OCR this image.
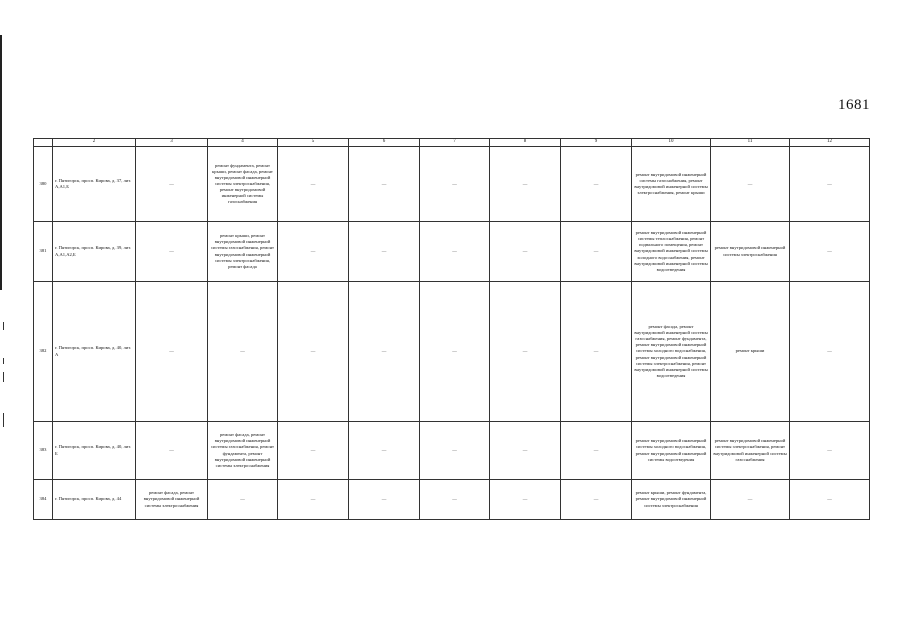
1681
	2	3	4	5	6	7	8	9	10	11	12
380	г. Пятигорск, просп. Кирова, д. 37, лит. А,А1,Б	—	ремонт фундамента, ремонт крыши, ремонт фасада, ремонт внутридомовой инженерной системы электроснабжения, ремонт внутридомовой инженерной системы газоснабжения	—	—	—	—	—	ремонт внутридомовой инженерной системы газоснабжения, ремонт внутридомовой инженерной системы электроснабжения, ремонт крыши	—	—
381	г. Пятигорск, просп. Кирова, д. 39, лит. А,А1,А2,Б	—	ремонт крыши, ремонт внутридомовой инженерной системы газоснабжения, ремонт внутридомовой инженерной системы электроснабжения, ремонт фасада	—	—	—	—	—	ремонт внутридомовой инженерной системы теплоснабжения, ремонт подвального помещения, ремонт внутридомовой инженерной системы холодного водоснабжения, ремонт внутридомовой инженерной системы водоотведения	ремонт внутридомовой инженерной системы электроснабжения	—
382	г. Пятигорск, просп. Кирова, д. 40, лит. А	—	—	—	—	—	—	—	ремонт фасада, ремонт внутридомовой инженерной системы газоснабжения, ремонт фундамента, ремонт внутридомовой инженерной системы холодного водоснабжения, ремонт внутридомовой инженерной системы электроснабжения, ремонт внутридомовой инженерной системы водоотведения	ремонт крыши	—
383	г. Пятигорск, просп. Кирова, д. 40, лит. Б	—	ремонт фасада, ремонт внутридомовой инженерной системы газоснабжения, ремонт фундамента, ремонт внутридомовой инженерной системы электроснабжения	—	—	—	—	—	ремонт внутридомовой инженерной системы холодного водоснабжения, ремонт внутридомовой инженерной системы водоотведения	ремонт внутридомовой инженерной системы электроснабжения, ремонт внутридомовой инженерной системы газоснабжения	—
384	г. Пятигорск, просп. Кирова, д. 44	ремонт фасада, ремонт внутридомовой инженерной системы электроснабжения	—	—	—	—	—	—	ремонт крыши, ремонт фундамента, ремонт внутридомовой инженерной системы электроснабжения	—	—
